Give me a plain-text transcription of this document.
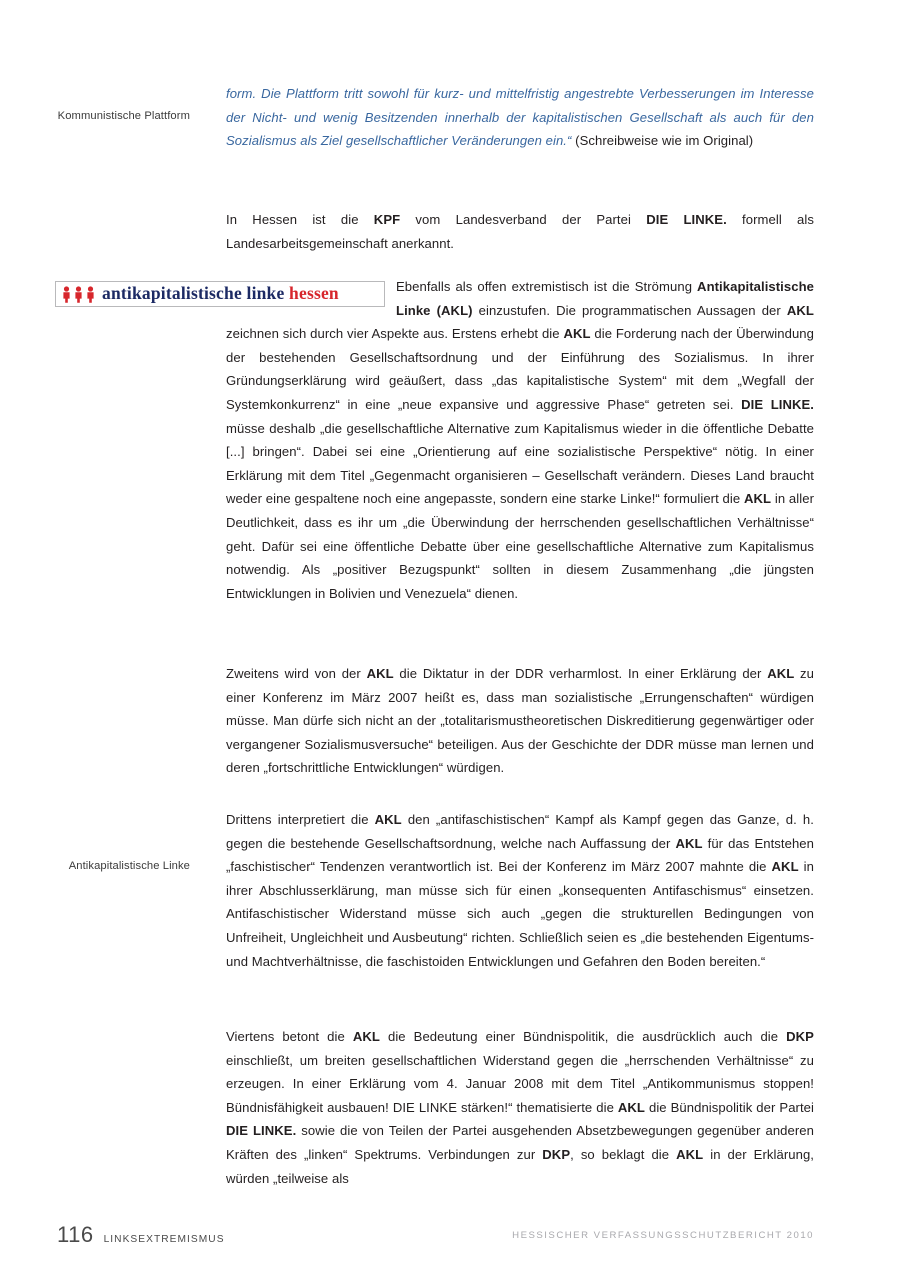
Kommunistische Plattform
Antikapitalistische Linke
antikapitalistische linke hessen

form. Die Plattform tritt sowohl für kurz- und mittelfristig angestrebte Verbesserungen im Interesse der Nicht- und wenig Besitzenden innerhalb der kapitalistischen Gesellschaft als auch für den Sozialismus als Ziel gesellschaftlicher Veränderungen ein.“ (Schreibweise wie im Original)

In Hessen ist die KPF vom Landesverband der Partei DIE LINKE. formell als Landesarbeitsgemeinschaft anerkannt.

Ebenfalls als offen extremistisch ist die Strömung Antikapitalistische Linke (AKL) einzustufen. Die programmatischen Aussagen der AKL zeichnen sich durch vier Aspekte aus. Erstens erhebt die AKL die Forderung nach der Überwindung der bestehenden Gesellschaftsordnung und der Einführung des Sozialismus. In ihrer Gründungserklärung wird geäußert, dass „das kapitalistische System“ mit dem „Wegfall der Systemkonkurrenz“ in eine „neue expansive und aggressive Phase“ getreten sei. DIE LINKE. müsse deshalb „die gesellschaftliche Alternative zum Kapitalismus wieder in die öffentliche Debatte [...] bringen“. Dabei sei eine „Orientierung auf eine sozialistische Perspektive“ nötig. In einer Erklärung mit dem Titel „Gegenmacht organisieren – Gesellschaft verändern. Dieses Land braucht weder eine gespaltene noch eine angepasste, sondern eine starke Linke!“ formuliert die AKL in aller Deutlichkeit, dass es ihr um „die Überwindung der herrschenden gesellschaftlichen Verhältnisse“ geht. Dafür sei eine öffentliche Debatte über eine gesellschaftliche Alternative zum Kapitalismus notwendig. Als „positiver Bezugspunkt“ sollten in diesem Zusammenhang „die jüngsten Entwicklungen in Bolivien und Venezuela“ dienen.

Zweitens wird von der AKL die Diktatur in der DDR verharmlost. In einer Erklärung der AKL zu einer Konferenz im März 2007 heißt es, dass man sozialistische „Errungenschaften“ würdigen müsse. Man dürfe sich nicht an der „totalitarismustheoretischen Diskreditierung gegenwärtiger oder vergangener Sozialismusversuche“ beteiligen. Aus der Geschichte der DDR müsse man lernen und deren „fortschrittliche Entwicklungen“ würdigen.

Drittens interpretiert die AKL den „antifaschistischen“ Kampf als Kampf gegen das Ganze, d. h. gegen die bestehende Gesellschaftsordnung, welche nach Auffassung der AKL für das Entstehen „faschistischer“ Tendenzen verantwortlich ist. Bei der Konferenz im März 2007 mahnte die AKL in ihrer Abschlusserklärung, man müsse sich für einen „konsequenten Antifaschismus“ einsetzen. Antifaschistischer Widerstand müsse sich auch „gegen die strukturellen Bedingungen von Unfreiheit, Ungleichheit und Ausbeutung“ richten. Schließlich seien es „die bestehenden Eigentums- und Machtverhältnisse, die faschistoiden Entwicklungen und Gefahren den Boden bereiten.“

Viertens betont die AKL die Bedeutung einer Bündnispolitik, die ausdrücklich auch die DKP einschließt, um breiten gesellschaftlichen Widerstand gegen die „herrschenden Verhältnisse“ zu erzeugen. In einer Erklärung vom 4. Januar 2008 mit dem Titel „Antikommunismus stoppen! Bündnisfähigkeit ausbauen! DIE LINKE stärken!“ thematisierte die AKL die Bündnispolitik der Partei DIE LINKE. sowie die von Teilen der Partei ausgehenden Absetzbewegungen gegenüber anderen Kräften des „linken“ Spektrums. Verbindungen zur DKP, so beklagt die AKL in der Erklärung, würden „teilweise als

116 LINKSEXTREMISMUS	HESSISCHER VERFASSUNGSSCHUTZBERICHT 2010
